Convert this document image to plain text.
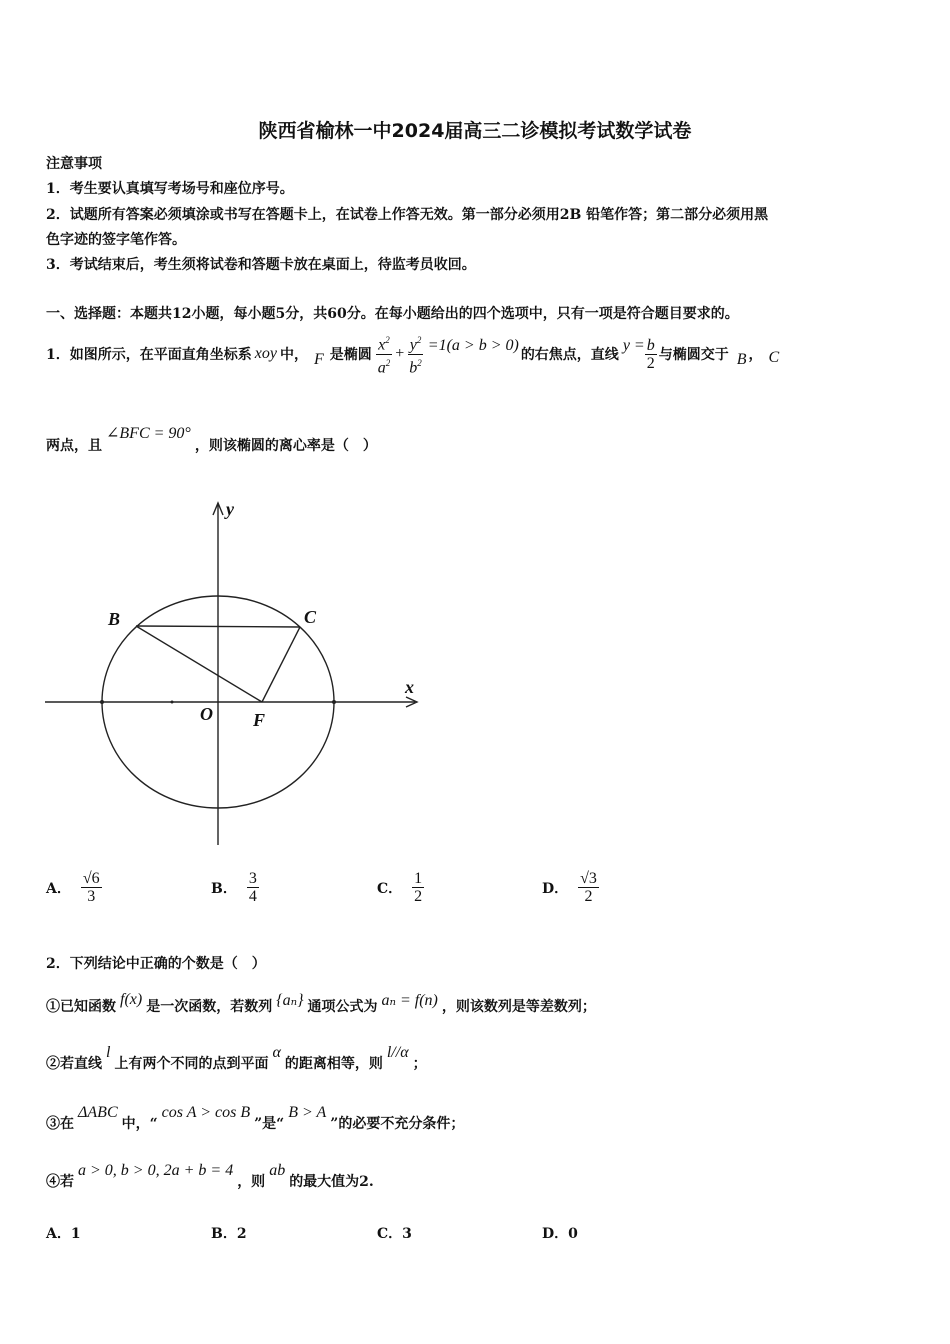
陕西省榆林一中2024届高三二诊模拟考试数学试卷
注意事项
1．考生要认真填写考场号和座位序号。
2．试题所有答案必须填涂或书写在答题卡上，在试卷上作答无效。第一部分必须用2B 铅笔作答；第二部分必须用黑
色字迹的签字笔作答。
3．考试结束后，考生须将试卷和答题卡放在桌面上，待监考员收回。
一、选择题：本题共12小题，每小题5分，共60分。在每小题给出的四个选项中，只有一项是符合题目要求的。
1．如图所示，在平面直角坐标系 xoy 中， F 是椭圆 $\frac{x^2}{a^2} + \frac{y^2}{b^2} =1(a > b > 0)$
的右焦点，直线
$y = \frac{b}{2}$ 与椭圆交于 B ， C
两点，且
∠BFC = 90°
，则该椭圆的离心率是（　）
B	C
O F
x
y
A． $\frac{√6}{3}$	B． $\frac{3}{4}$	C． $\frac{1}{2}$	D． $\frac{√3}{2}$
2．下列结论中正确的个数是（　）
①已知函数 f(x) 是一次函数，若数列 {aₙ} 通项公式为 aₙ = f(n) ，则该数列是等差数列；
②若直线
l
上有两个不同的点到平面
α
的距离相等，则
l//α
；
③在
ΔABC
中，“
cos A > cos B
”是“
B > A
”的必要不充分条件；
④若
a > 0, b > 0, 2a + b = 4
，则
ab
的最大值为2.
A．1	B．2	C．3	D．0
